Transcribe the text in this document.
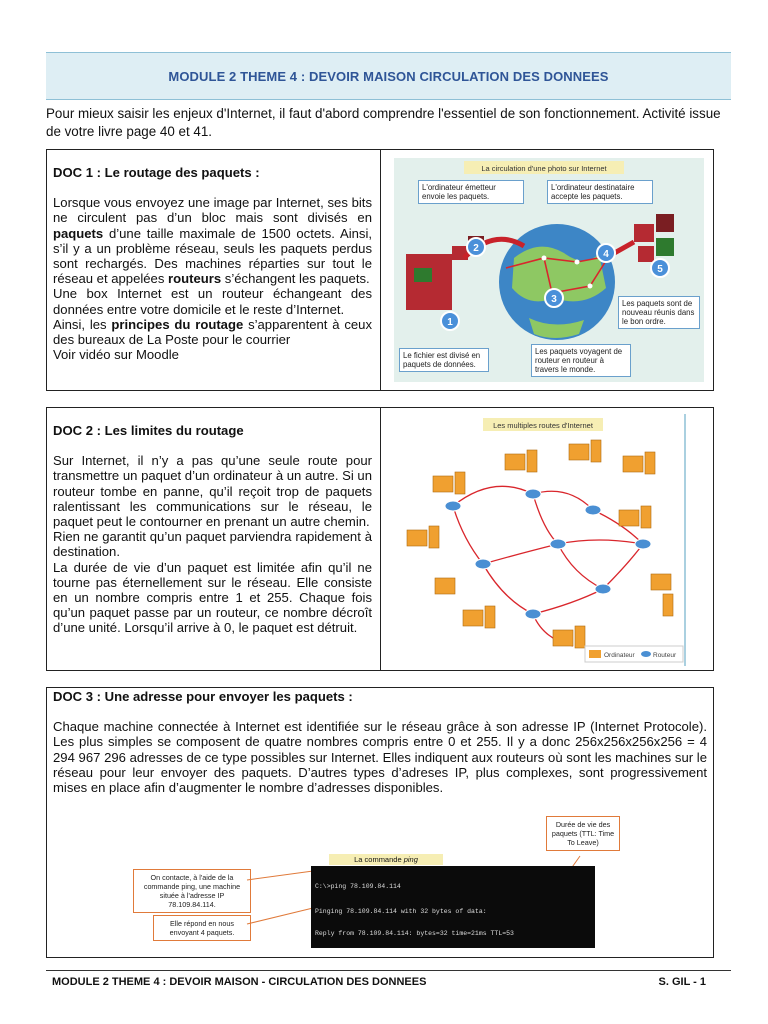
MODULE 2 THEME 4 : DEVOIR MAISON CIRCULATION DES DONNEES
Pour mieux saisir les enjeux d'Internet, il faut d'abord comprendre l'essentiel de son fonctionnement. Activité issue de votre livre page 40 et 41.
DOC 1 : Le routage des paquets :

Lorsque vous envoyez une image par Internet, ses bits ne circulent pas d’un bloc mais sont divisés en paquets d’une taille maximale de 1500 octets. Ainsi, s’il y a un problème réseau, seuls les paquets perdus sont rechargés. Des machines réparties sur tout le réseau et appelées routeurs s’échangent les paquets.

Une box Internet est un routeur échangeant des données entre votre domicile et le reste d’Internet.

Ainsi, les principes du routage s’apparentent à ceux des bureaux de La Poste pour le courrier

Voir vidéo sur Moodle

La circulation d'une photo sur Internet
1
2
3
4
5
L'ordinateur émetteur envoie les paquets.
L'ordinateur destinataire accepte les paquets.
Les paquets sont de nouveau réunis dans le bon ordre.
Le fichier est divisé en paquets de données.
Les paquets voyagent de routeur en routeur à travers le monde.
DOC 2 : Les limites du routage

Sur Internet, il n’y a pas qu’une seule route pour transmettre un paquet d’un ordinateur à un autre. Si un routeur tombe en panne, qu’il reçoit trop de paquets ralentissant les communications sur le réseau, le paquet peut le contourner en prenant un autre chemin.

Rien ne garantit qu’un paquet parviendra rapidement à destination.

La durée de vie d’un paquet est limitée afin qu’il ne tourne pas éternellement sur le réseau. Elle consiste en un nombre compris entre 1 et 255. Chaque fois qu’un paquet passe par un routeur, ce nombre décroît d’une unité. Lorsqu’il arrive à 0, le paquet est détruit.

Les multiples routes d'Internet
Ordinateur	Routeur
DOC 3 : Une adresse pour envoyer les paquets :

Chaque machine connectée à Internet est identifiée sur le réseau grâce à son adresse IP (Internet Protocole). Les plus simples se composent de quatre nombres compris entre 0 et 255. Il y a donc 256x256x256x256 = 4 294 967 296 adresses de ce type possibles sur Internet. Elles indiquent aux routeurs où sont les machines sur le réseau pour leur envoyer des paquets. D’autres types d’adreses IP, plus complexes, sont progressivement mises en place afin d’augmenter le nombre d’adresses disponibles.

On contacte, à l'aide de la commande ping, une machine située à l'adresse IP 78.109.84.114.
Elle répond en nous envoyant 4 paquets.
Durée de vie des paquets (TTL: Time To Leave)
La commande ping

C:\>ping 78.109.84.114

Pinging 78.109.84.114 with 32 bytes of data:

Reply from 78.109.84.114: bytes=32 time=21ms TTL=53

MODULE 2 THEME 4 : DEVOIR MAISON - CIRCULATION DES DONNEES	S. GIL - 1
